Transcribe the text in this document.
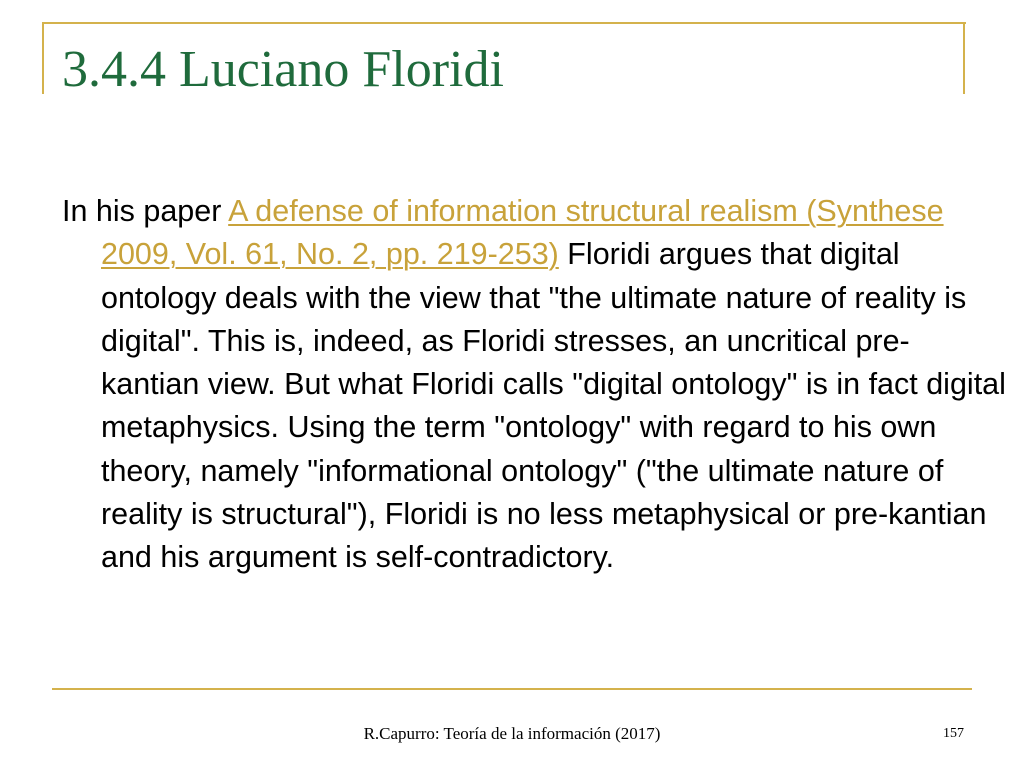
3.4.4 Luciano Floridi

In his paper A defense of information structural realism (Synthese 2009, Vol. 61, No. 2, pp. 219-253) Floridi argues that digital ontology deals with the view that "the ultimate nature of reality is digital". This is, indeed, as Floridi stresses, an uncritical pre-kantian view. But what Floridi calls "digital ontology" is in fact digital metaphysics. Using the term "ontology" with regard to his own theory, namely "informational ontology" ("the ultimate nature of reality is structural"), Floridi is no less metaphysical or pre-kantian and his argument is self-contradictory.

R.Capurro: Teoría de la información (2017)	157
